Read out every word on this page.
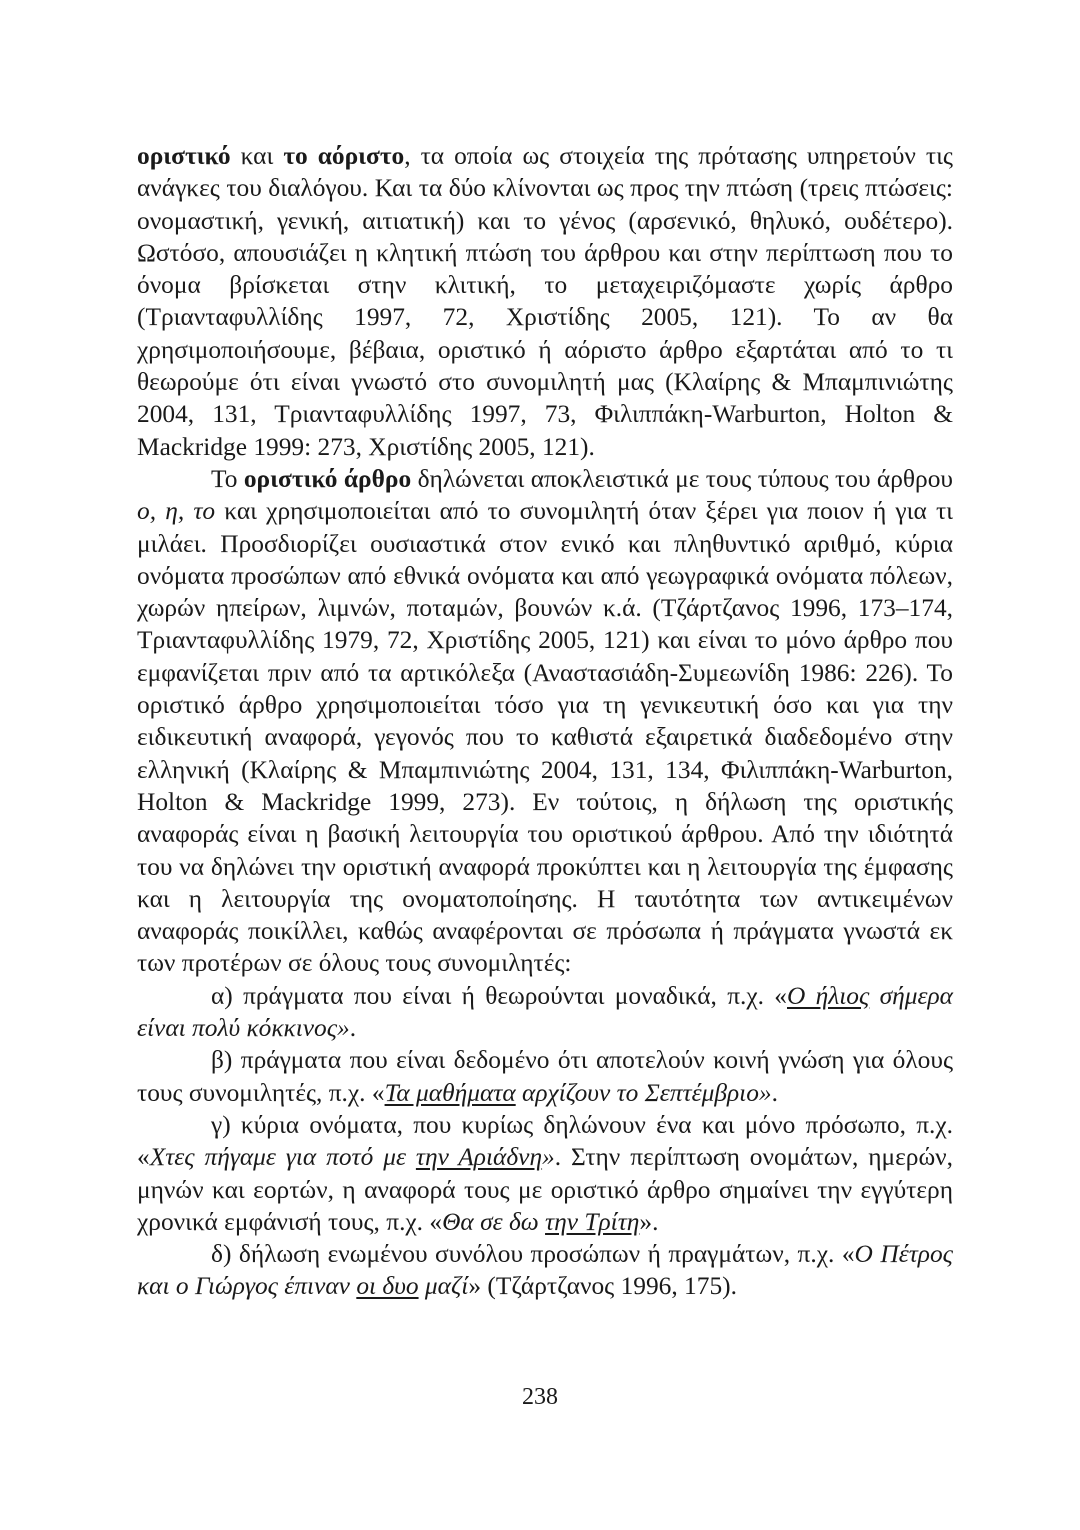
οριστικό και το αόριστο, τα οποία ως στοιχεία της πρότασης υπηρετούν τις ανάγκες του διαλόγου. Και τα δύο κλίνονται ως προς την πτώση (τρεις πτώσεις: ονομαστική, γενική, αιτιατική) και το γένος (αρσενικό, θηλυκό, ουδέτερο). Ωστόσο, απουσιάζει η κλητική πτώση του άρθρου και στην περίπτωση που το όνομα βρίσκεται στην κλιτική, το μεταχειριζόμαστε χωρίς άρθρο (Τριανταφυλλίδης 1997, 72, Χριστίδης 2005, 121). Το αν θα χρησιμοποιήσουμε, βέβαια, οριστικό ή αόριστο άρθρο εξαρτάται από το τι θεωρούμε ότι είναι γνωστό στο συνομιλητή μας (Κλαίρης & Μπαμπινιώτης 2004, 131, Τριανταφυλλίδης 1997, 73, Φιλιππάκη-Warburton, Holton & Mackridge 1999: 273, Χριστίδης 2005, 121).

Το οριστικό άρθρο δηλώνεται αποκλειστικά με τους τύπους του άρθρου ο, η, το και χρησιμοποιείται από το συνομιλητή όταν ξέρει για ποιον ή για τι μιλάει. Προσδιορίζει ουσιαστικά στον ενικό και πληθυντικό αριθμό, κύρια ονόματα προσώπων από εθνικά ονόματα και από γεωγραφικά ονόματα πόλεων, χωρών ηπείρων, λιμνών, ποταμών, βουνών κ.ά. (Τζάρτζανος 1996, 173–174, Τριανταφυλλίδης 1979, 72, Χριστίδης 2005, 121) και είναι το μόνο άρθρο που εμφανίζεται πριν από τα αρτικόλεξα (Αναστασιάδη-Συμεωνίδη 1986: 226). Το οριστικό άρθρο χρησιμοποιείται τόσο για τη γενικευτική όσο και για την ειδικευτική αναφορά, γεγονός που το καθιστά εξαιρετικά διαδεδομένο στην ελληνική (Κλαίρης & Μπαμπινιώτης 2004, 131, 134, Φιλιππάκη-Warburton, Holton & Mackridge 1999, 273). Εν τούτοις, η δήλωση της οριστικής αναφοράς είναι η βασική λειτουργία του οριστικού άρθρου. Από την ιδιότητά του να δηλώνει την οριστική αναφορά προκύπτει και η λειτουργία της έμφασης και η λειτουργία της ονοματοποίησης. Η ταυτότητα των αντικειμένων αναφοράς ποικίλλει, καθώς αναφέρονται σε πρόσωπα ή πράγματα γνωστά εκ των προτέρων σε όλους τους συνομιλητές:

α) πράγματα που είναι ή θεωρούνται μοναδικά, π.χ. «Ο ήλιος σήμερα είναι πολύ κόκκινος».

β) πράγματα που είναι δεδομένο ότι αποτελούν κοινή γνώση για όλους τους συνομιλητές, π.χ. «Τα μαθήματα αρχίζουν το Σεπτέμβριο».

γ) κύρια ονόματα, που κυρίως δηλώνουν ένα και μόνο πρόσωπο, π.χ. «Χτες πήγαμε για ποτό με την Αριάδνη». Στην περίπτωση ονομάτων, ημερών, μηνών και εορτών, η αναφορά τους με οριστικό άρθρο σημαίνει την εγγύτερη χρονικά εμφάνισή τους, π.χ. «Θα σε δω την Τρίτη».

δ) δήλωση ενωμένου συνόλου προσώπων ή πραγμάτων, π.χ. «Ο Πέτρος και ο Γιώργος έπιναν οι δυο μαζί» (Τζάρτζανος 1996, 175).

238
